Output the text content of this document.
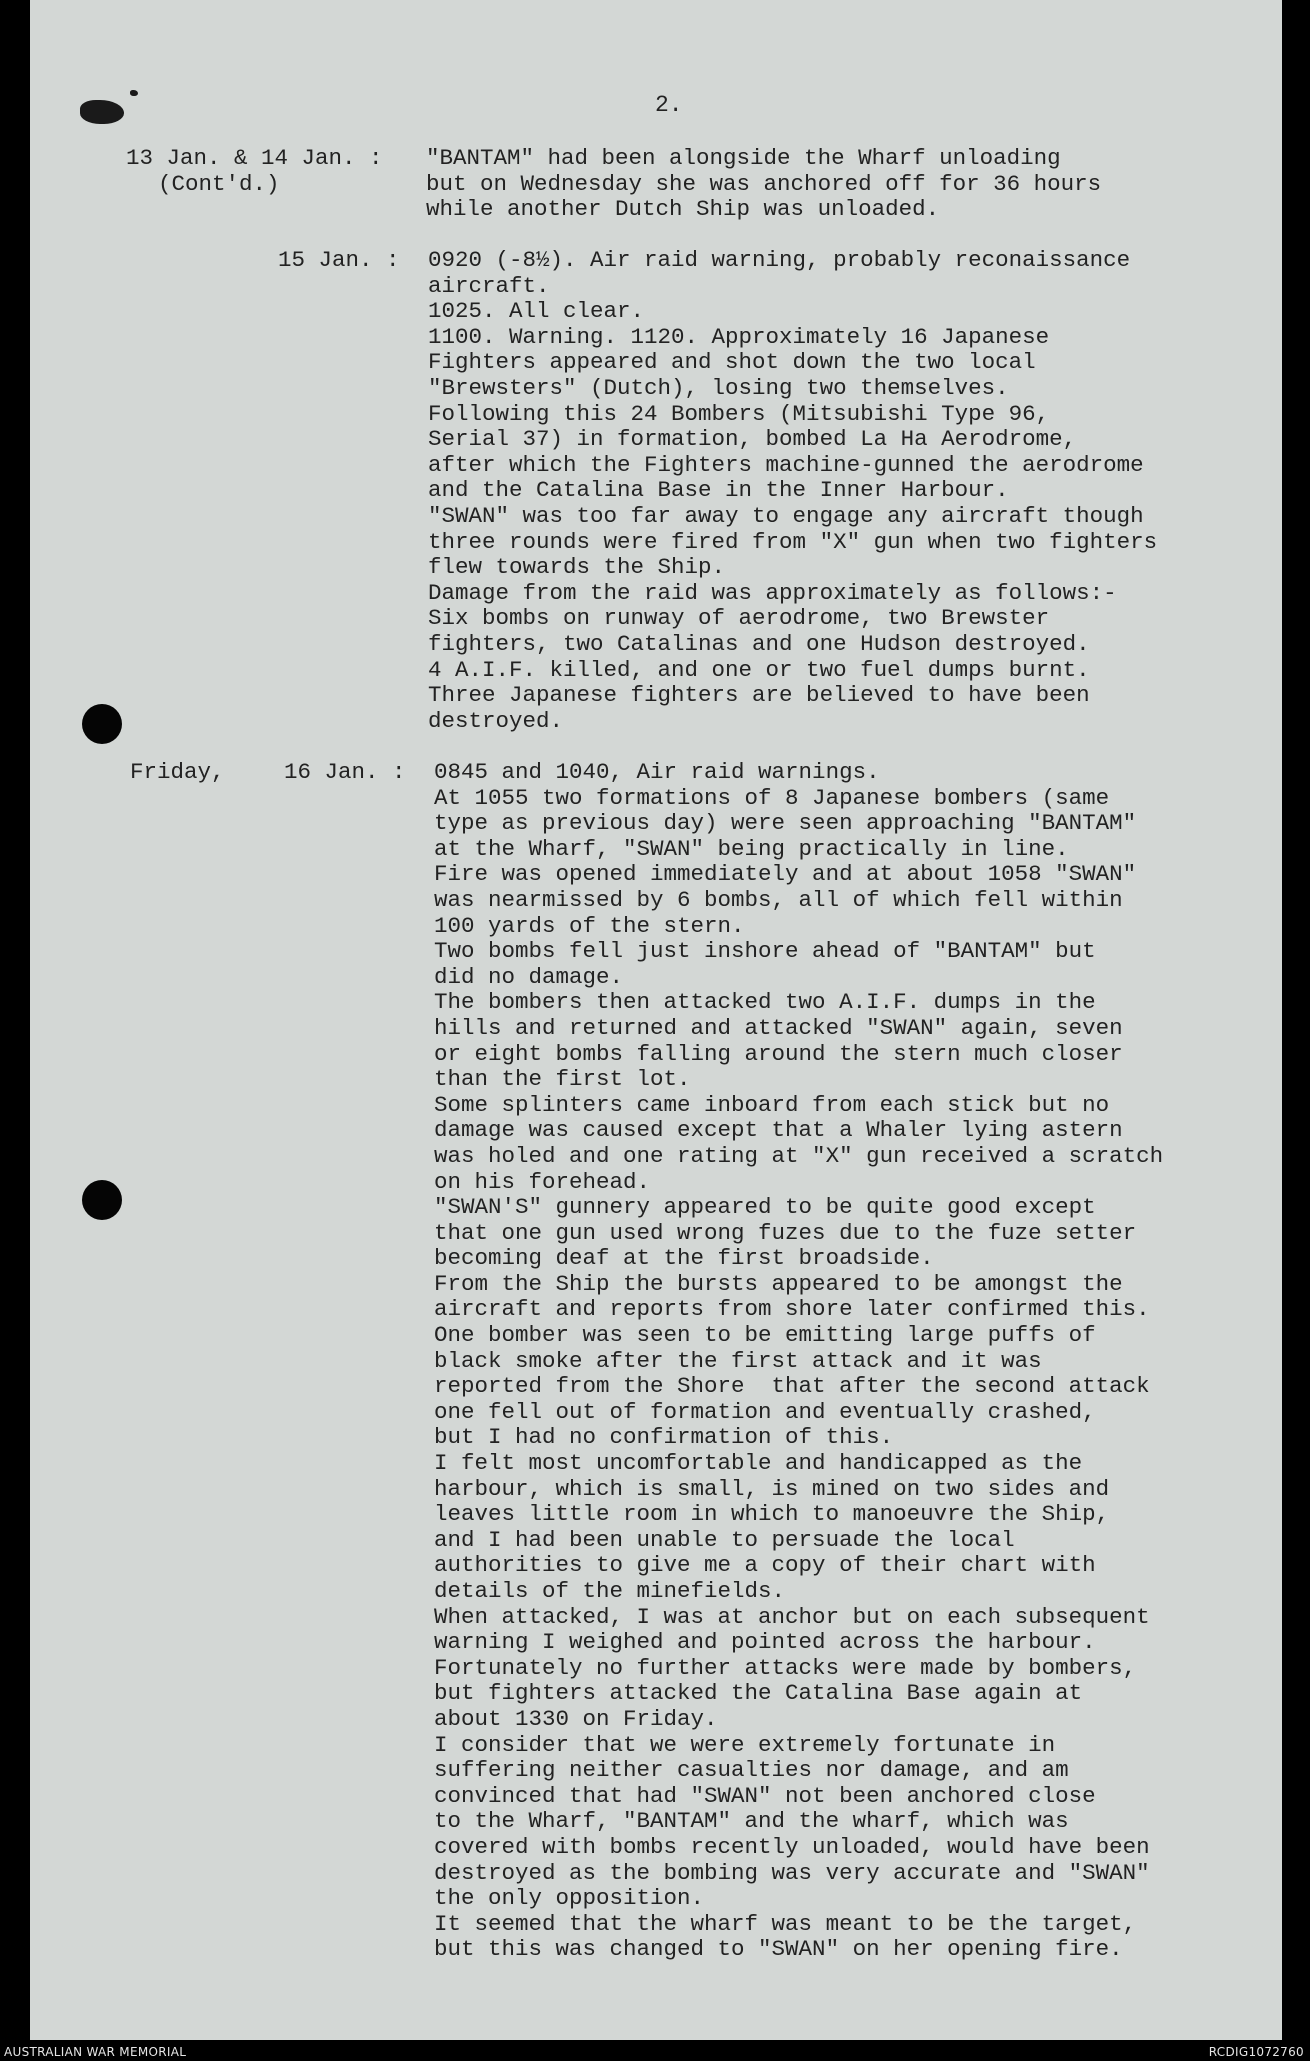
2.
13 Jan. & 14 Jan. :
(Cont'd.)
"BANTAM" had been alongside the Wharf unloading
but on Wednesday she was anchored off for 36 hours
while another Dutch Ship was unloaded.
15 Jan. : 0920 (-8½). Air raid warning, probably reconaissance
aircraft.
1025. All clear.
1100. Warning. 1120. Approximately 16 Japanese
Fighters appeared and shot down the two local
"Brewsters" (Dutch), losing two themselves.
Following this 24 Bombers (Mitsubishi Type 96,
Serial 37) in formation, bombed La Ha Aerodrome,
after which the Fighters machine-gunned the aerodrome
and the Catalina Base in the Inner Harbour.
"SWAN" was too far away to engage any aircraft though
three rounds were fired from "X" gun when two fighters
flew towards the Ship.
Damage from the raid was approximately as follows:-
Six bombs on runway of aerodrome, two Brewster
fighters, two Catalinas and one Hudson destroyed.
4 A.I.F. killed, and one or two fuel dumps burnt.
Three Japanese fighters are believed to have been
destroyed.
Friday,	16 Jan. : 0845 and 1040, Air raid warnings.
At 1055 two formations of 8 Japanese bombers (same
type as previous day) were seen approaching "BANTAM"
at the Wharf, "SWAN" being practically in line.
Fire was opened immediately and at about 1058 "SWAN"
was nearmissed by 6 bombs, all of which fell within
100 yards of the stern.
Two bombs fell just inshore ahead of "BANTAM" but
did no damage.
The bombers then attacked two A.I.F. dumps in the
hills and returned and attacked "SWAN" again, seven
or eight bombs falling around the stern much closer
than the first lot.
Some splinters came inboard from each stick but no
damage was caused except that a Whaler lying astern
was holed and one rating at "X" gun received a scratch
on his forehead.
"SWAN'S" gunnery appeared to be quite good except
that one gun used wrong fuzes due to the fuze setter
becoming deaf at the first broadside.
From the Ship the bursts appeared to be amongst the
aircraft and reports from shore later confirmed this.
One bomber was seen to be emitting large puffs of
black smoke after the first attack and it was
reported from the Shore  that after the second attack
one fell out of formation and eventually crashed,
but I had no confirmation of this.
I felt most uncomfortable and handicapped as the
harbour, which is small, is mined on two sides and
leaves little room in which to manoeuvre the Ship,
and I had been unable to persuade the local
authorities to give me a copy of their chart with
details of the minefields.
When attacked, I was at anchor but on each subsequent
warning I weighed and pointed across the harbour.
Fortunately no further attacks were made by bombers,
but fighters attacked the Catalina Base again at
about 1330 on Friday.
I consider that we were extremely fortunate in
suffering neither casualties nor damage, and am
convinced that had "SWAN" not been anchored close
to the Wharf, "BANTAM" and the wharf, which was
covered with bombs recently unloaded, would have been
destroyed as the bombing was very accurate and "SWAN"
the only opposition.
It seemed that the wharf was meant to be the target,
but this was changed to "SWAN" on her opening fire.
AUSTRALIAN WAR MEMORIAL	RCDIG1072760
